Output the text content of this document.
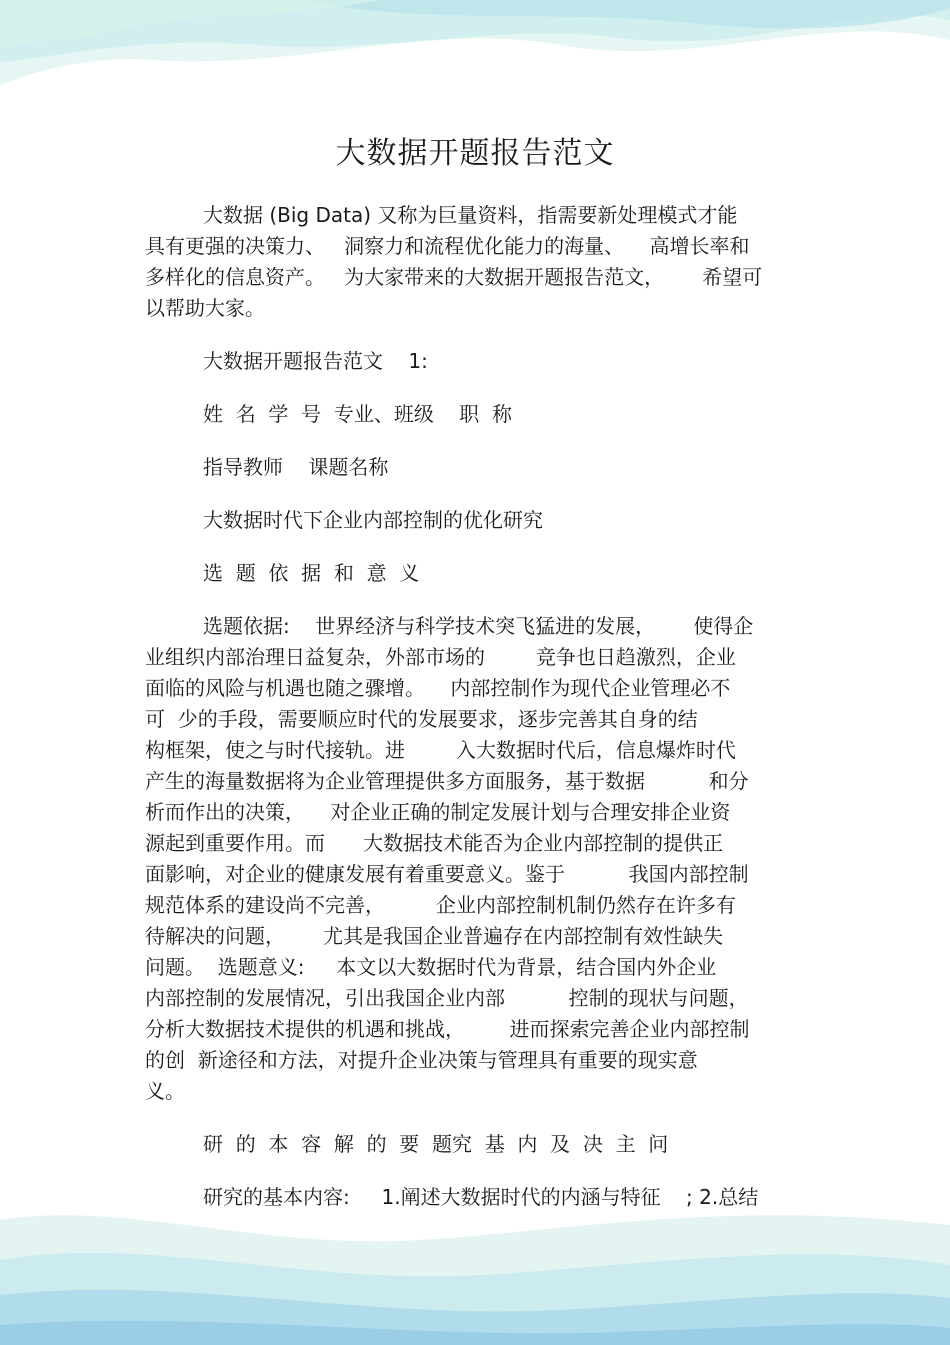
大数据开题报告范文
大数据 (Big Data) 又称为巨量资料，指需要新处理模式才能
具有更强的决策力、   洞察力和流程优化能力的海量、    高增长率和
多样化的信息资产。   为大家带来的大数据开题报告范文，      希望可
以帮助大家。
大数据开题报告范文    1:
姓  名  学  号  专业、班级    职  称
指导教师    课题名称
大数据时代下企业内部控制的优化研究
选  题  依  据  和  意  义
选题依据:    世界经济与科学技术突飞猛进的发展，      使得企
业组织内部治理日益复杂，外部市场的        竞争也日趋激烈，企业
面临的风险与机遇也随之骤增。    内部控制作为现代企业管理必不
可  少的手段，需要顺应时代的发展要求，逐步完善其自身的结
构框架，使之与时代接轨。进        入大数据时代后，信息爆炸时代
产生的海量数据将为企业管理提供多方面服务，基于数据          和分
析而作出的决策，    对企业正确的制定发展计划与合理安排企业资
源起到重要作用。而      大数据技术能否为企业内部控制的提供正
面影响，对企业的健康发展有着重要意义。鉴于          我国内部控制
规范体系的建设尚不完善，        企业内部控制机制仍然存在许多有
待解决的问题，      尤其是我国企业普遍存在内部控制有效性缺失
问题。  选题意义:     本文以大数据时代为背景，结合国内外企业
内部控制的发展情况，引出我国企业内部          控制的现状与问题，
分析大数据技术提供的机遇和挑战，       进而探索完善企业内部控制
的创  新途径和方法，对提升企业决策与管理具有重要的现实意
义。
研  的  本  容  解  的  要  题究  基  内  及  决  主  问
研究的基本内容:     1.阐述大数据时代的内涵与特征    ; 2.总结
